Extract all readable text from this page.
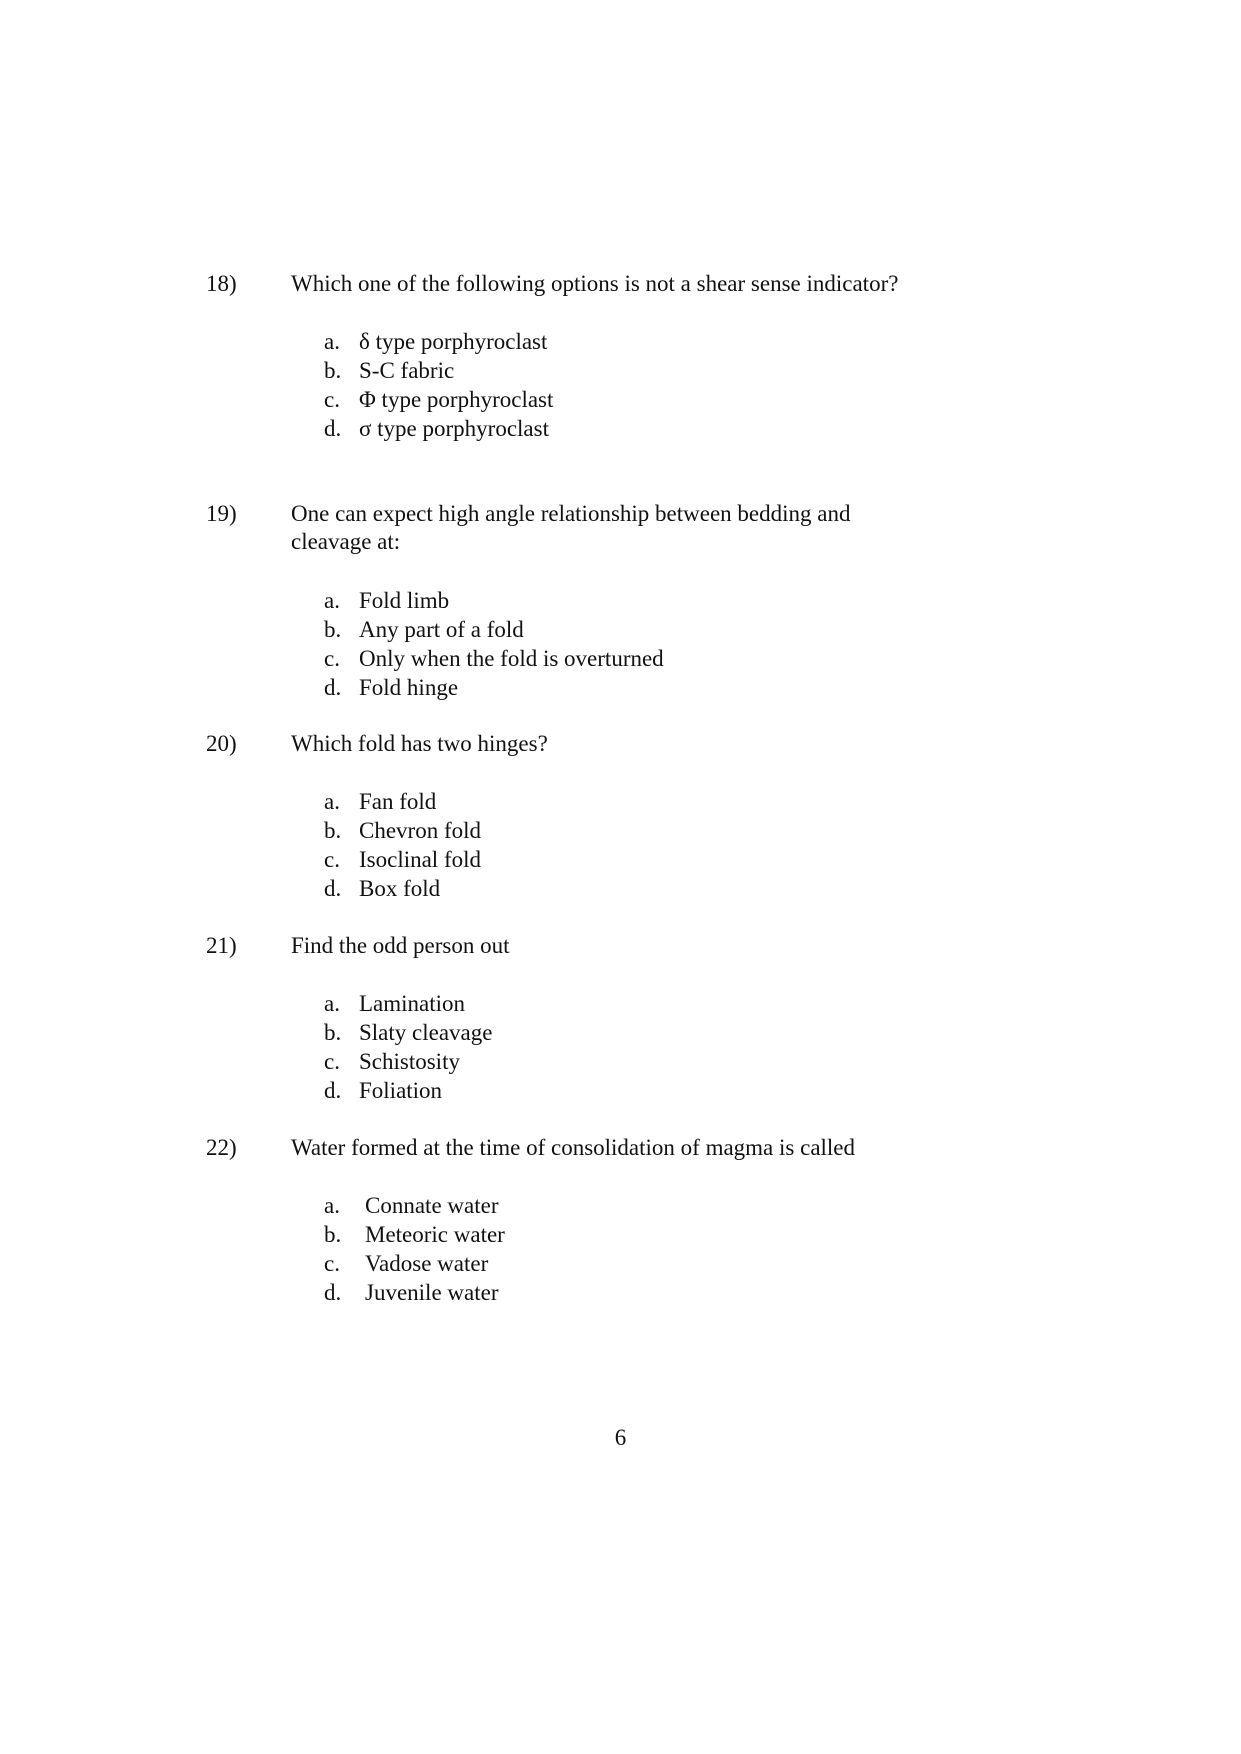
18) Which one of the following options is not a shear sense indicator?
a. δ type porphyroclast
b. S-C fabric
c. Φ type porphyroclast
d. σ type porphyroclast
19) One can expect high angle relationship between bedding and cleavage at:
a. Fold limb
b. Any part of a fold
c. Only when the fold is overturned
d. Fold hinge
20) Which fold has two hinges?
a. Fan fold
b. Chevron fold
c. Isoclinal fold
d. Box fold
21) Find the odd person out
a. Lamination
b. Slaty cleavage
c. Schistosity
d. Foliation
22) Water formed at the time of consolidation of magma is called
a. Connate water
b. Meteoric water
c. Vadose water
d. Juvenile water
6
